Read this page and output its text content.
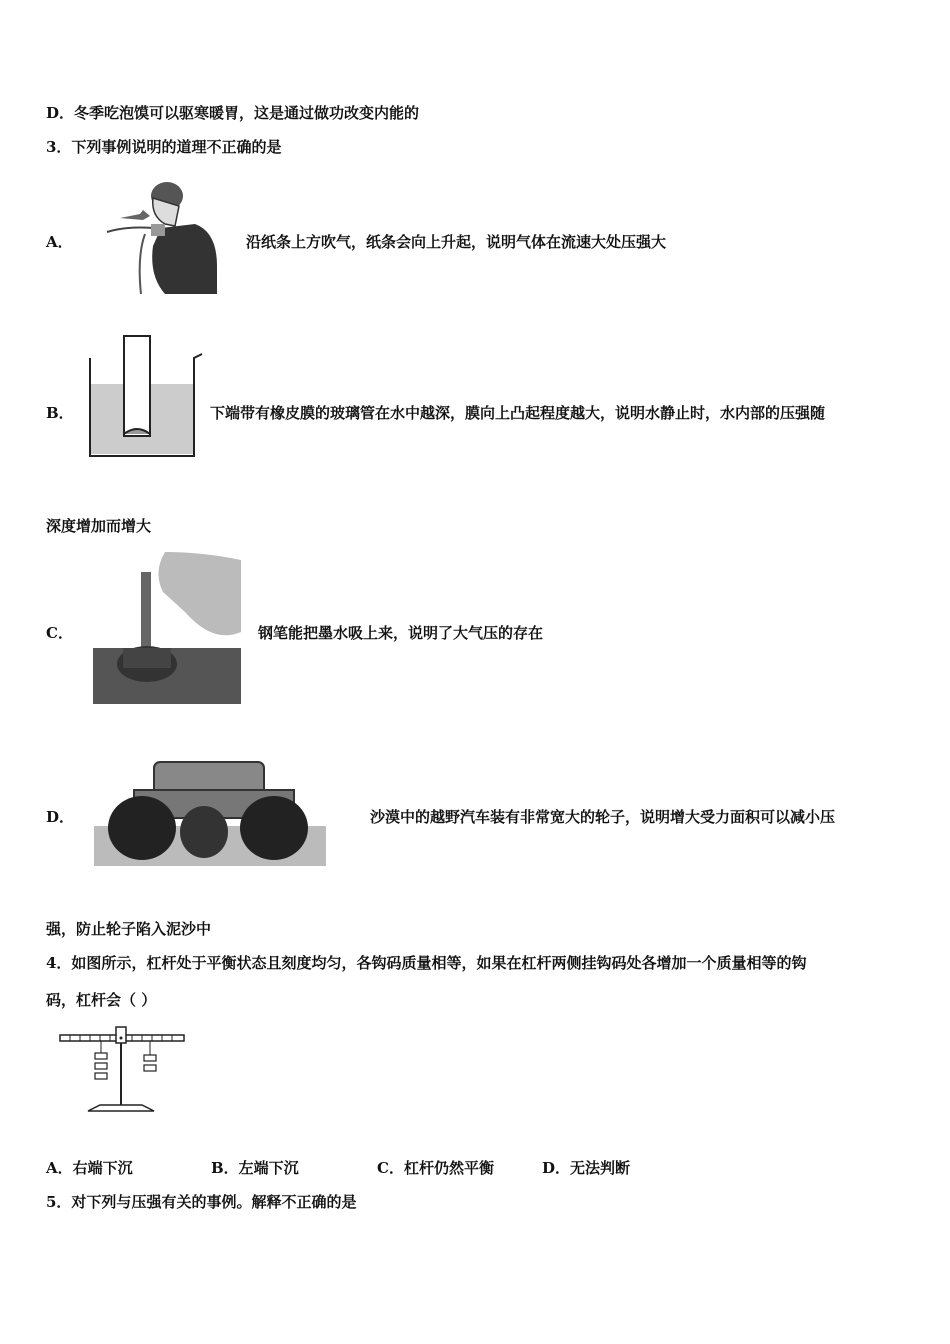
D．冬季吃泡馍可以驱寒暖胃，这是通过做功改变内能的
3．下列事例说明的道理不正确的是
A．	沿纸条上方吹气，纸条会向上升起，说明气体在流速大处压强大
B．	下端带有橡皮膜的玻璃管在水中越深，膜向上凸起程度越大，说明水静止时，水内部的压强随
深度增加而增大
C．	钢笔能把墨水吸上来，说明了大气压的存在
D．	沙漠中的越野汽车装有非常宽大的轮子，说明增大受力面积可以减小压
强，防止轮子陷入泥沙中
4．如图所示，杠杆处于平衡状态且刻度均匀，各钩码质量相等，如果在杠杆两侧挂钩码处各增加一个质量相等的钩
码，杠杆会（ ）
A．右端下沉	B．左端下沉	C．杠杆仍然平衡	D．无法判断
5．对下列与压强有关的事例。解释不正确的是
